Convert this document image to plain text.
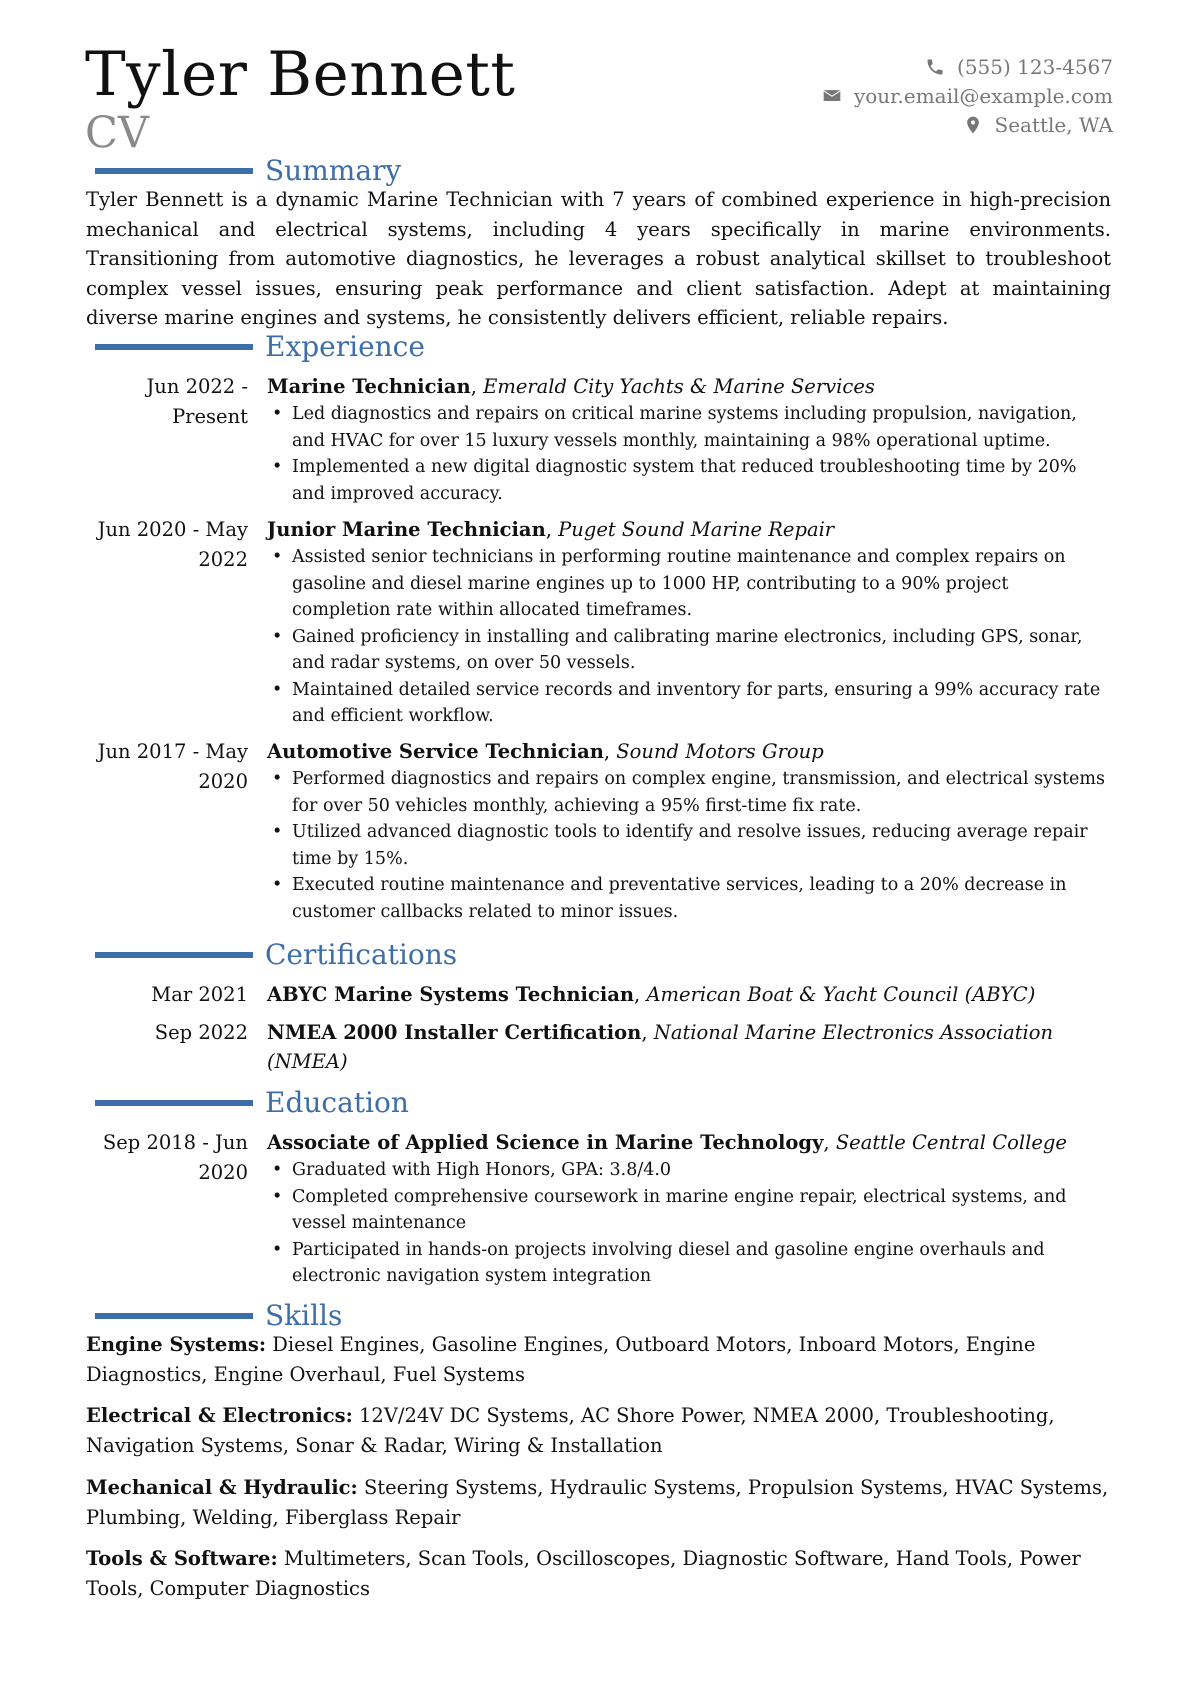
Tyler Bennett
CV
(555) 123-4567
your.email@example.com
Seattle, WA
Summary
Tyler Bennett is a dynamic Marine Technician with 7 years of combined experience in high-precision mechanical and electrical systems, including 4 years specifically in marine environments. Transitioning from automotive diagnostics, he leverages a robust analytical skillset to troubleshoot complex vessel issues, ensuring peak performance and client satisfaction. Adept at maintaining diverse marine engines and systems, he consistently delivers efficient, reliable repairs.
Experience
Jun 2022 - Present
Marine Technician, Emerald City Yachts & Marine Services
• Led diagnostics and repairs on critical marine systems including propulsion, navigation, and HVAC for over 15 luxury vessels monthly, maintaining a 98% operational uptime.
• Implemented a new digital diagnostic system that reduced troubleshooting time by 20% and improved accuracy.
Jun 2020 - May 2022
Junior Marine Technician, Puget Sound Marine Repair
• Assisted senior technicians in performing routine maintenance and complex repairs on gasoline and diesel marine engines up to 1000 HP, contributing to a 90% project completion rate within allocated timeframes.
• Gained proficiency in installing and calibrating marine electronics, including GPS, sonar, and radar systems, on over 50 vessels.
• Maintained detailed service records and inventory for parts, ensuring a 99% accuracy rate and efficient workflow.
Jun 2017 - May 2020
Automotive Service Technician, Sound Motors Group
• Performed diagnostics and repairs on complex engine, transmission, and electrical systems for over 50 vehicles monthly, achieving a 95% first-time fix rate.
• Utilized advanced diagnostic tools to identify and resolve issues, reducing average repair time by 15%.
• Executed routine maintenance and preventative services, leading to a 20% decrease in customer callbacks related to minor issues.
Certifications
Mar 2021 ABYC Marine Systems Technician, American Boat & Yacht Council (ABYC)
Sep 2022 NMEA 2000 Installer Certification, National Marine Electronics Association (NMEA)
Education
Sep 2018 - Jun 2020
Associate of Applied Science in Marine Technology, Seattle Central College
• Graduated with High Honors, GPA: 3.8/4.0
• Completed comprehensive coursework in marine engine repair, electrical systems, and vessel maintenance
• Participated in hands-on projects involving diesel and gasoline engine overhauls and electronic navigation system integration
Skills
Engine Systems: Diesel Engines, Gasoline Engines, Outboard Motors, Inboard Motors, Engine Diagnostics, Engine Overhaul, Fuel Systems
Electrical & Electronics: 12V/24V DC Systems, AC Shore Power, NMEA 2000, Troubleshooting, Navigation Systems, Sonar & Radar, Wiring & Installation
Mechanical & Hydraulic: Steering Systems, Hydraulic Systems, Propulsion Systems, HVAC Systems, Plumbing, Welding, Fiberglass Repair
Tools & Software: Multimeters, Scan Tools, Oscilloscopes, Diagnostic Software, Hand Tools, Power Tools, Computer Diagnostics
